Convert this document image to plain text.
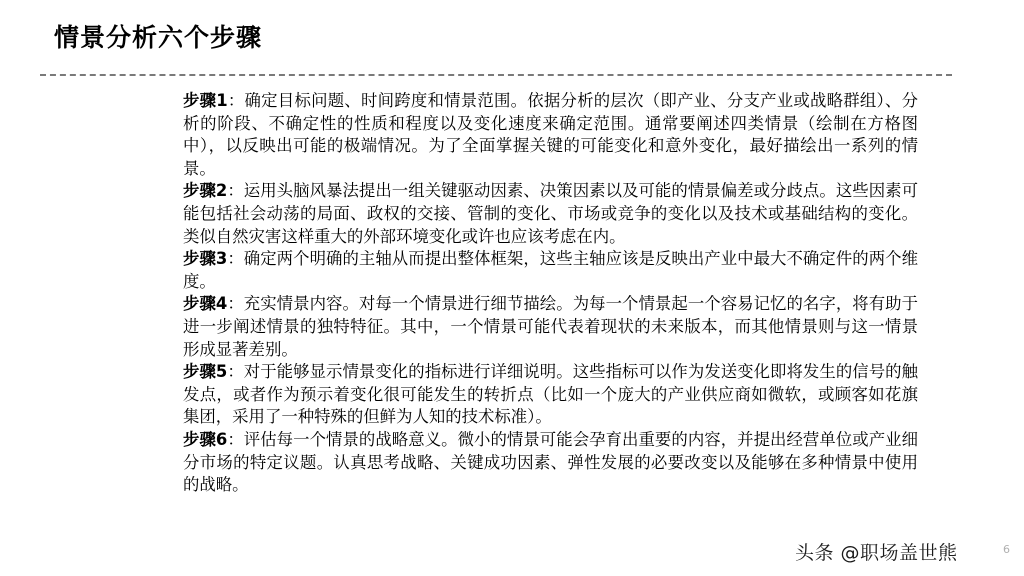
情景分析六个步骤

步骤1：确定目标问题、时间跨度和情景范围。依据分析的层次（即产业、分支产业或战略群组）、分析的阶段、不确定性的性质和程度以及变化速度来确定范围。通常要阐述四类情景（绘制在方格图中），以反映出可能的极端情况。为了全面掌握关键的可能变化和意外变化，最好描绘出一系列的情景。

步骤2：运用头脑风暴法提出一组关键驱动因素、决策因素以及可能的情景偏差或分歧点。这些因素可能包括社会动荡的局面、政权的交接、管制的变化、市场或竞争的变化以及技术或基础结构的变化。类似自然灾害这样重大的外部环境变化或许也应该考虑在内。

步骤3：确定两个明确的主轴从而提出整体框架，这些主轴应该是反映出产业中最大不确定件的两个维度。

步骤4：充实情景内容。对每一个情景进行细节描绘。为每一个情景起一个容易记忆的名字，将有助于进一步阐述情景的独特特征。其中，一个情景可能代表着现状的未来版本，而其他情景则与这一情景形成显著差别。

步骤5：对于能够显示情景变化的指标进行详细说明。这些指标可以作为发送变化即将发生的信号的触发点，或者作为预示着变化很可能发生的转折点（比如一个庞大的产业供应商如微软，或顾客如花旗集团，采用了一种特殊的但鲜为人知的技术标准）。

步骤6：评估每一个情景的战略意义。微小的情景可能会孕育出重要的内容，并提出经营单位或产业细分市场的特定议题。认真思考战略、关键成功因素、弹性发展的必要改变以及能够在多种情景中使用的战略。

头条 @职场盖世熊	6
